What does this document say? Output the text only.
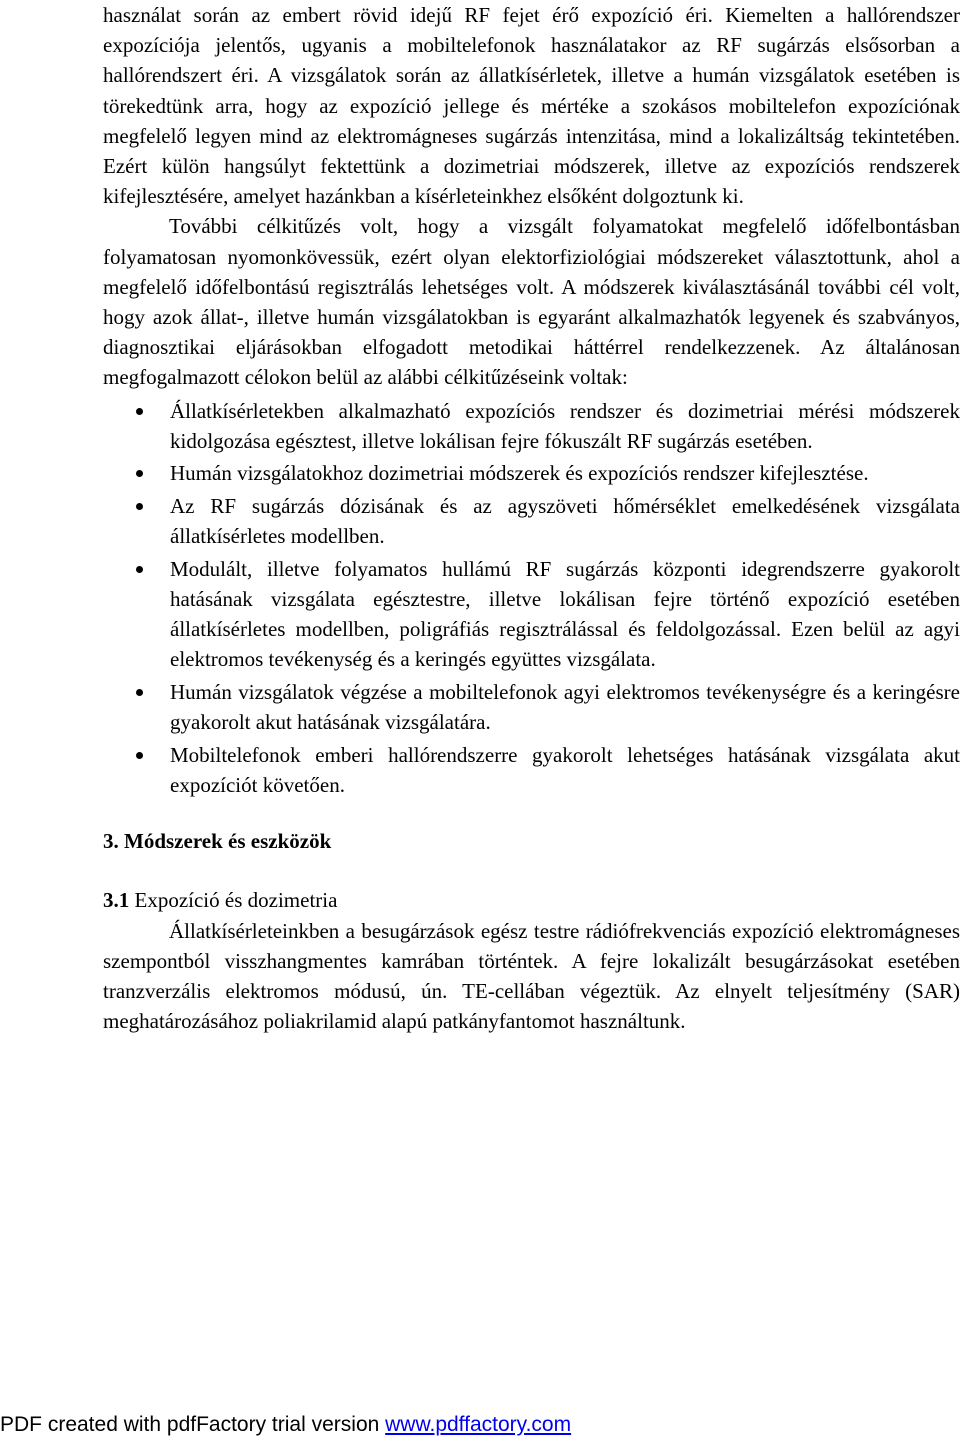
használat során az embert rövid idejű RF fejet érő expozíció éri. Kiemelten a hallórendszer expozíciója jelentős, ugyanis a mobiltelefonok használatakor az RF sugárzás elsősorban a hallórendszert éri. A vizsgálatok során az állatkísérletek, illetve a humán vizsgálatok esetében is törekedtünk arra, hogy az expozíció jellege és mértéke a szokásos mobiltelefon expozíciónak megfelelő legyen mind az elektromágneses sugárzás intenzitása, mind a lokalizáltság tekintetében. Ezért külön hangsúlyt fektettünk a dozimetriai módszerek, illetve az expozíciós rendszerek kifejlesztésére, amelyet hazánkban a kísérleteinkhez elsőként dolgoztunk ki.

További célkitűzés volt, hogy a vizsgált folyamatokat megfelelő időfelbontásban folyamatosan nyomonkövessük, ezért olyan elektorfiziológiai módszereket választottunk, ahol a megfelelő időfelbontású regisztrálás lehetséges volt. A módszerek kiválasztásánál további cél volt, hogy azok állat-, illetve humán vizsgálatokban is egyaránt alkalmazhatók legyenek és szabványos, diagnosztikai eljárásokban elfogadott metodikai háttérrel rendelkezzenek. Az általánosan megfogalmazott célokon belül az alábbi célkitűzéseink voltak:

Állatkísérletekben alkalmazható expozíciós rendszer és dozimetriai mérési módszerek kidolgozása egésztest, illetve lokálisan fejre fókuszált RF sugárzás esetében.
Humán vizsgálatokhoz dozimetriai módszerek és expozíciós rendszer kifejlesztése.
Az RF sugárzás dózisának és az agyszöveti hőmérséklet emelkedésének vizsgálata állatkísérletes modellben.
Modulált, illetve folyamatos hullámú RF sugárzás központi idegrendszerre gyakorolt hatásának vizsgálata egésztestre, illetve lokálisan fejre történő expozíció esetében állatkísérletes modellben, poligráfiás regisztrálással és feldolgozással. Ezen belül az agyi elektromos tevékenység és a keringés együttes vizsgálata.
Humán vizsgálatok végzése a mobiltelefonok agyi elektromos tevékenységre és a keringésre gyakorolt akut hatásának vizsgálatára.
Mobiltelefonok emberi hallórendszerre gyakorolt lehetséges hatásának vizsgálata akut expozíciót követően.

3. Módszerek és eszközök

3.1 Expozíció és dozimetria

Állatkísérleteinkben a besugárzások egész testre rádiófrekvenciás expozíció elektromágneses szempontból visszhangmentes kamrában történtek. A fejre lokalizált besugárzásokat esetében tranzverzális elektromos módusú, ún. TE-cellában végeztük. Az elnyelt teljesítmény (SAR) meghatározásához poliakrilamid alapú patkányfantomot használtunk.

PDF created with pdfFactory trial version www.pdffactory.com
